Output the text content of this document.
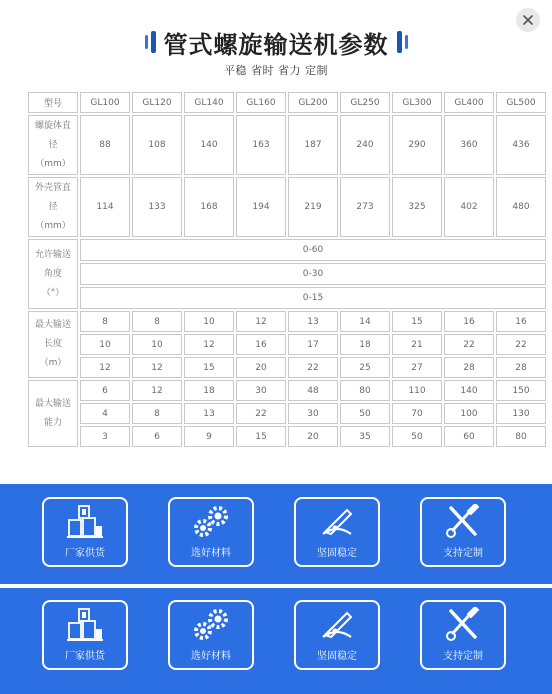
管式螺旋输送机参数
平稳 省时 省力 定制
型号	GL100	GL120	GL140	GL160	GL200	GL250	GL300	GL400	GL500

螺旋体直
径
（mm）	88	108	140	163	187	240	290	360	436

外壳管直
径
（mm）	114	133	168	194	219	273	325	402	480

允许输送
角度
（°）	0-60								
	0-30								
	0-15								

最大输送
长度
（m）	8	8	10	12	13	14	15	16	16
	10	10	12	16	17	18	21	22	22
	12	12	15	20	22	25	27	28	28

最大输送
能力	6	12	18	30	48	80	110	140	150
	4	8	13	22	30	50	70	100	130
	3	6	9	15	20	35	50	60	80
厂家供货	选好材料	坚固稳定	支持定制
厂家供货	选好材料	坚固稳定	支持定制
